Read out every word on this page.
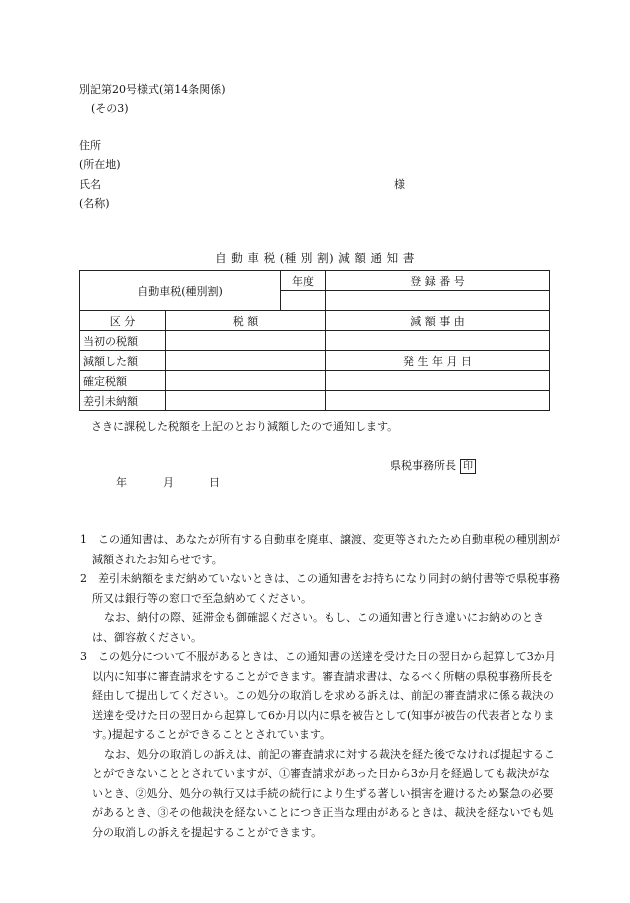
別記第20号様式(第14条関係)
(その3)
住所
(所在地)
氏名	様
(名称)
自 動 車 税 (種 別 割) 減 額 通 知 書
自動車税(種別割)		年度	登 録 番 号

区 分	税 額		減 額 事 由
当初の税額			
減額した額			発 生 年 月 日
確定税額			
差引未納額			
さきに課税した税額を上記のとおり減額したので通知します。
県税事務所長 印
年	月	日

1　この通知書は、あなたが所有する自動車を廃車、譲渡、変更等されたため自動車税の種別割が減額されたお知らせです。

2　差引未納額をまだ納めていないときは、この通知書をお持ちになり同封の納付書等で県税事務所又は銀行等の窓口で至急納めてください。

なお、納付の際、延滞金も御確認ください。もし、この通知書と行き違いにお納めのときは、御容赦ください。

3　この処分について不服があるときは、この通知書の送達を受けた日の翌日から起算して3か月以内に知事に審査請求をすることができます。審査請求書は、なるべく所轄の県税事務所長を経由して提出してください。この処分の取消しを求める訴えは、前記の審査請求に係る裁決の送達を受けた日の翌日から起算して6か月以内に県を被告として(知事が被告の代表者となります。)提起することができることとされています。

なお、処分の取消しの訴えは、前記の審査請求に対する裁決を経た後でなければ提起することができないこととされていますが、①審査請求があった日から3か月を経過しても裁決がないとき、②処分、処分の執行又は手続の続行により生ずる著しい損害を避けるため緊急の必要があるとき、③その他裁決を経ないことにつき正当な理由があるときは、裁決を経ないでも処分の取消しの訴えを提起することができます。
